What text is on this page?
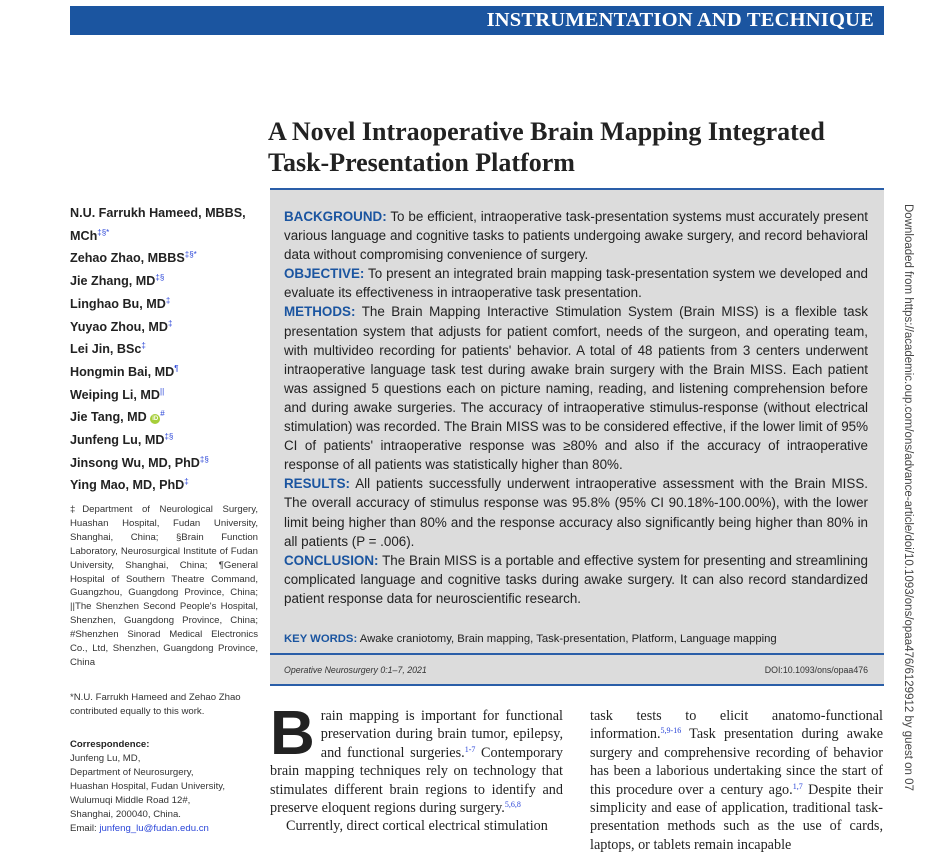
INSTRUMENTATION AND TECHNIQUE
A Novel Intraoperative Brain Mapping Integrated Task-Presentation Platform
N.U. Farrukh Hameed, MBBS, MCh‡§*
Zehao Zhao, MBBS‡§*
Jie Zhang, MD‡§
Linghao Bu, MD‡
Yuyao Zhou, MD‡
Lei Jin, BSc‡
Hongmin Bai, MD¶
Weiping Li, MD||
Jie Tang, MD iD#
Junfeng Lu, MD‡§
Jinsong Wu, MD, PhD‡§
Ying Mao, MD, PhD‡
‡Department of Neurological Surgery, Huashan Hospital, Fudan University, Shanghai, China; §Brain Function Laboratory, Neurosurgical Institute of Fudan University, Shanghai, China; ¶General Hospital of Southern Theatre Command, Guangzhou, Guangdong Province, China; ||The Shenzhen Second People's Hospital, Shenzhen, Guangdong Province, China; #Shenzhen Sinorad Medical Electronics Co., Ltd, Shenzhen, Guangdong Province, China
*N.U. Farrukh Hameed and Zehao Zhao contributed equally to this work.
Correspondence:
Junfeng Lu, MD,
Department of Neurosurgery,
Huashan Hospital, Fudan University,
Wulumuqi Middle Road 12#,
Shanghai, 200040, China.
Email: junfeng_lu@fudan.edu.cn

BACKGROUND: To be efficient, intraoperative task-presentation systems must accurately present various language and cognitive tasks to patients undergoing awake surgery, and record behavioral data without compromising convenience of surgery.

OBJECTIVE: To present an integrated brain mapping task-presentation system we developed and evaluate its effectiveness in intraoperative task presentation.

METHODS: The Brain Mapping Interactive Stimulation System (Brain MISS) is a flexible task presentation system that adjusts for patient comfort, needs of the surgeon, and operating team, with multivideo recording for patients' behavior. A total of 48 patients from 3 centers underwent intraoperative language task test during awake brain surgery with the Brain MISS. Each patient was assigned 5 questions each on picture naming, reading, and listening comprehension before and during awake surgeries. The accuracy of intraoperative stimulus-response (without electrical stimulation) was recorded. The Brain MISS was to be considered effective, if the lower limit of 95% CI of patients' intraoperative response was ≥80% and also if the accuracy of intraoperative response of all patients was statistically higher than 80%.

RESULTS: All patients successfully underwent intraoperative assessment with the Brain MISS. The overall accuracy of stimulus response was 95.8% (95% CI 90.18%-100.00%), with the lower limit being higher than 80% and the response accuracy also significantly being higher than 80% in all patients (P = .006).

CONCLUSION: The Brain MISS is a portable and effective system for presenting and streamlining complicated language and cognitive tasks during awake surgery. It can also record standardized patient response data for neuroscientific research.

KEY WORDS: Awake craniotomy, Brain mapping, Task-presentation, Platform, Language mapping
Operative Neurosurgery 0:1–7, 2021	DOI:10.1093/ons/opaa476

Brain mapping is important for functional preservation during brain tumor, epilepsy, and functional surgeries.$^{1-7}$ Contemporary brain mapping techniques rely on technology that stimulates different brain regions to identify and preserve eloquent regions during surgery.$^{5,6,8}$

Currently, direct cortical electrical stimulation

task tests to elicit anatomo-functional information.$^{5,9-16}$ Task presentation during awake surgery and comprehensive recording of behavior has been a laborious undertaking since the start of this procedure over a century ago.$^{1,7}$ Despite their simplicity and ease of application, traditional task-presentation methods such as the use of cards, laptops, or tablets remain incapable

Downloaded from https://academic.oup.com/ons/advance-article/doi/10.1093/ons/opaa476/6129912 by guest on 07
